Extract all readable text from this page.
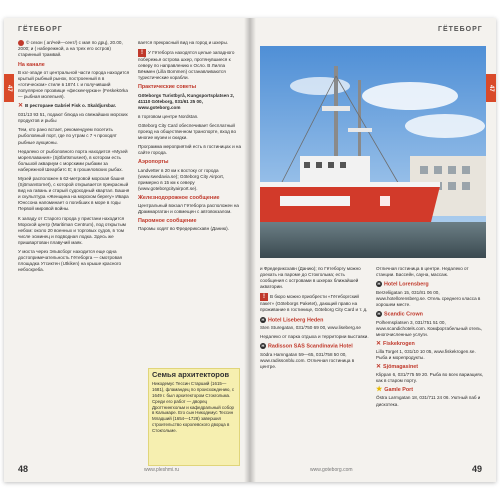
ГЁТЕБОРГ
47

© сезон ( ап/чей—сент/) с мая по дрц), 20.00, 2000; и ( набережной, а на трех его остров) старинный трамвай.

На канале

В кзг-эпаде от центральной части города находится крытый рыбный рынок, построенный в в «готическом» стиле в 1874 г. и получивший популярное прозвище «фескекчуркан» (Feskekörka — рыбная молельня).

✕ В ресторане Gabriel Fisk o. Skaldjursbar.

031/13 93 51, подают блюда из свежайших морских продуктов и рыбы

Тем, кто рано встает, рекомендуем посетить рыболовный порт, где по утрам с 7 ч проходят рыбные аукционы.

Недалеко от рыболовного порта находится «Музей мореплавания» (Sjöfartsmuseet), в котором есть большой аквариум с морскими рыбами за набережной Шеарбитс Е; в грошеловских рыбах.

Музей расположен в 62-метровой морская башня (Sjömanstornet), с которой открывается прекрасный вид на гавань и старый судоходный квартал. Башня и скульптура «Женщина на морском берегу» Ивара Юнссона напоминает о погибших в море в годы Первой мировой войны.

К западу от Старого города у пристани находится Морской центр (Maritiman Centrum), под открытым небом: около 20 военных и торговых судов, в том числе эсминец и подводная лодка. Здесь же пришвартован плавучий маяк.

У моста через Эльвсборг находится еще одна достопримечательность Гётеборга — смотровая площадка Утсиктен (Utkiken) на крыше красного небоскреба.

вается прекрасный вид на город и шхеры.

! У Гётеборга находятся целые западного побережья острова шхер, протянувшиеся к северу по направлению к Осло. В Лилла Бёммен (Lilla Bommen) останавливаются туристические корабли.

Практические советы

Göteborgs Turistbyrå, Kungsportsplatsen 2, 41110 Göteborg, 031/61 25 00, www.goteborg.com

в торговом центре Nordstan.

Göteborg City Card обеспечивает бесплатный проезд на общественном транспорте, вход во многие музеи и скидки.

Программа мероприятий есть в гостиницах и на сайте города.

Аэропорты

Landvetter в 20 км к востоку от города (www.swedavia.se); Göteborg City Airport, примерно в 15 км к северу (www.goteborgcityairport.se).

Железнодорожное сообщение

Центральный вокзал Гётеборга расположен на Драммаргатан и совмещен с автовокзалом.

Паромное сообщение

Паромы ходят во Фредериксхавн (Данию).

Семья архитекторов
Никодемус Тессин Старший (1615—1681), фламандец по происхождению, с 1649 г. был архитектором Стокгольма. Среди его работ — дворец Дроттнингхольм и кафедральный собор в Кальмаре. Его сын Никодемус Тессин Младший (1654—1728) завершил строительство королевского дворца в Стокгольме.
48	www.pleshmi.ru
ГЁТЕБОРГ
47

и Фредериксхавн (Данию); по Гётеборгу можно доехать на пароме до Стокгольма; есть сообщения с островами в шхерах ближайшей акватории.

! В бюро можно приобрести «Гётеборгский пакет» (Göteborgs Paketet), дающий право на проживание в гостинице, Göteborg City Card и т. д.

H Hotel Liseberg Heden

Sten Sturegatan, 031/750 69 00, www.liseberg.se

Недалеко от парка отдыха и территории выставки.

H Radisson SAS Scandinavia Hotel

Södra Hamngatan 59—65, 031/758 50 00, www.radissonblu.com. Отличная гостиница в центре.

Отличная гостиница в центре. Недалеко от станции. Бассейн, сауна, массаж.

H Hotel Lorensberg

Berzeliigatan 15, 031/81 06 00, www.hotellorensberg.se. Отель среднего класса в хорошем месте.

H Scandic Crown

Polhemsplatsen 3, 031/751 51 00, www.scandichotels.com. Комфортабельный отель, многочисленные услуги.

✕ Fiskekrogen

Lilla Torget 1, 031/10 10 05, www.fiskekrogen.se. Рыба и морепродукты.

✕ Sjömagasinet

Klippan 6, 031/775 59 20. Рыба во всех вариациях, как в старом порту.

★ Gamle Port

Östra Larmgatan 18, 031/711 24 06. Уютный паб и дискотека.

49
www.goteborg.com
